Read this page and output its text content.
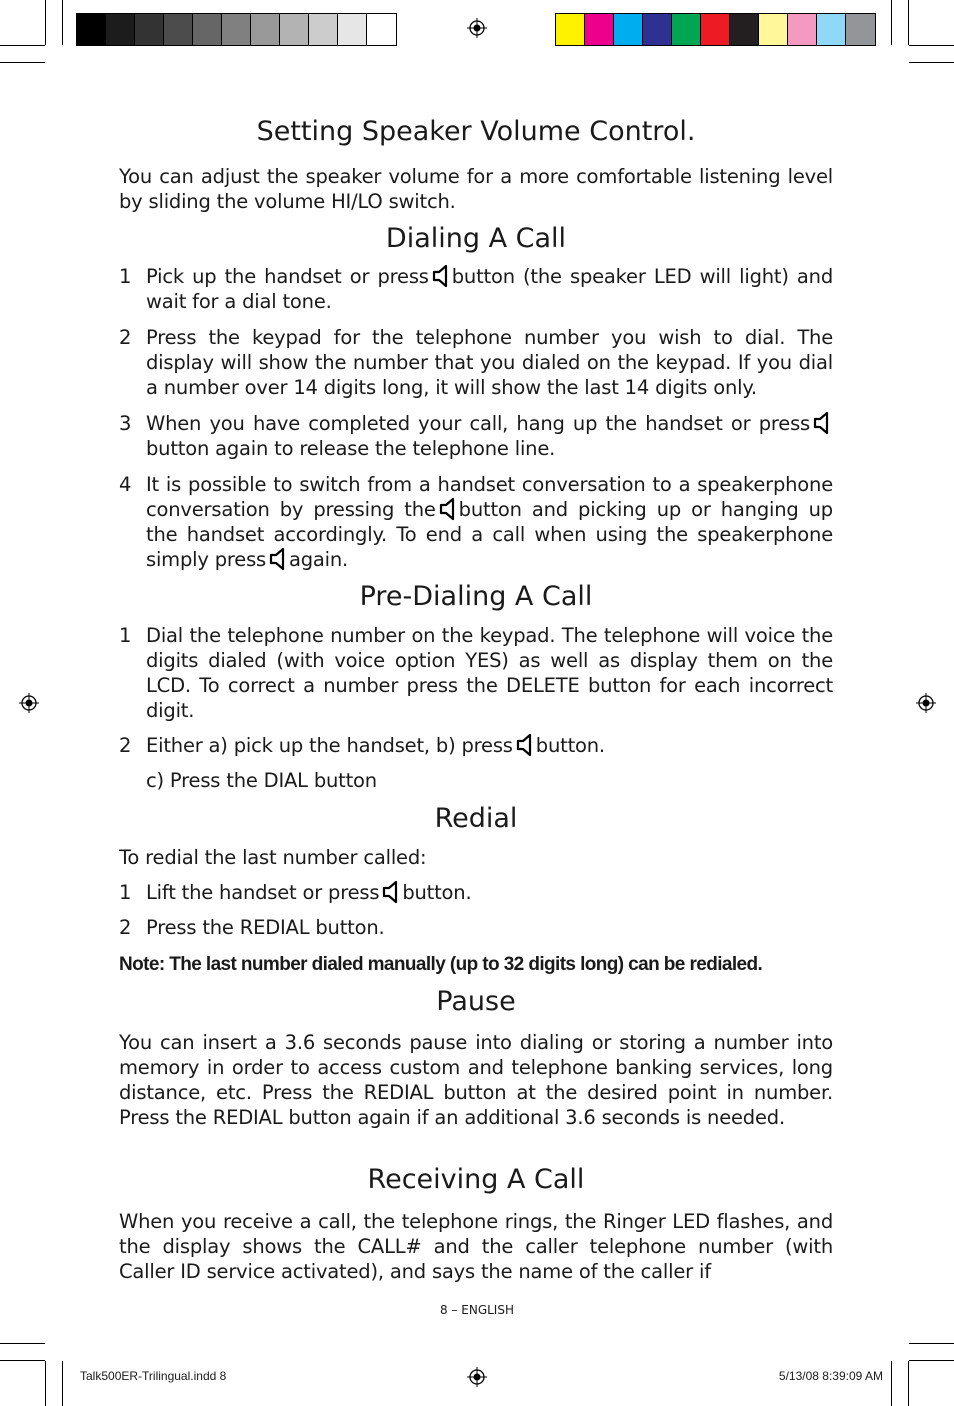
Setting Speaker Volume Control.

You can adjust the speaker volume for a more comfortable listening level by sliding the volume HI/LO switch.

Dialing A Call
1 Pick up the handset or press button (the speaker LED will light) and wait for a dial tone.
2 Press the keypad for the telephone number you wish to dial. The display will show the number that you dialed on the keypad. If you dial a number over 14 digits long, it will show the last 14 digits only.
3 When you have completed your call, hang up the handset or pressbutton again to release the telephone line.
4 It is possible to switch from a handset conversation to a speakerphone conversation by pressing the button and picking up or hanging up the handset accordingly. To end a call when using the speakerphone simply press again.
Pre-Dialing A Call
1 Dial the telephone number on the keypad. The telephone will voice the digits dialed (with voice option YES) as well as display them on the LCD. To correct a number press the DELETE button for each incorrect digit.
2 Either a) pick up the handset, b) press button.
c) Press the DIAL button
Redial

To redial the last number called:

1 Lift the handset or press button.
2 Press the REDIAL button.
Note: The last number dialed manually (up to 32 digits long) can be redialed.
Pause

You can insert a 3.6 seconds pause into dialing or storing a number into memory in order to access custom and telephone banking services, long distance, etc. Press the REDIAL button at the desired point in number. Press the REDIAL button again if an additional 3.6 seconds is needed.

Receiving A Call

When you receive a call, the telephone rings, the Ringer LED flashes, and the display shows the CALL# and the caller telephone number (with Caller ID service activated), and says the name of the caller if

8 – ENGLISH
Talk500ER-Trilingual.indd 8	5/13/08 8:39:09 AM
